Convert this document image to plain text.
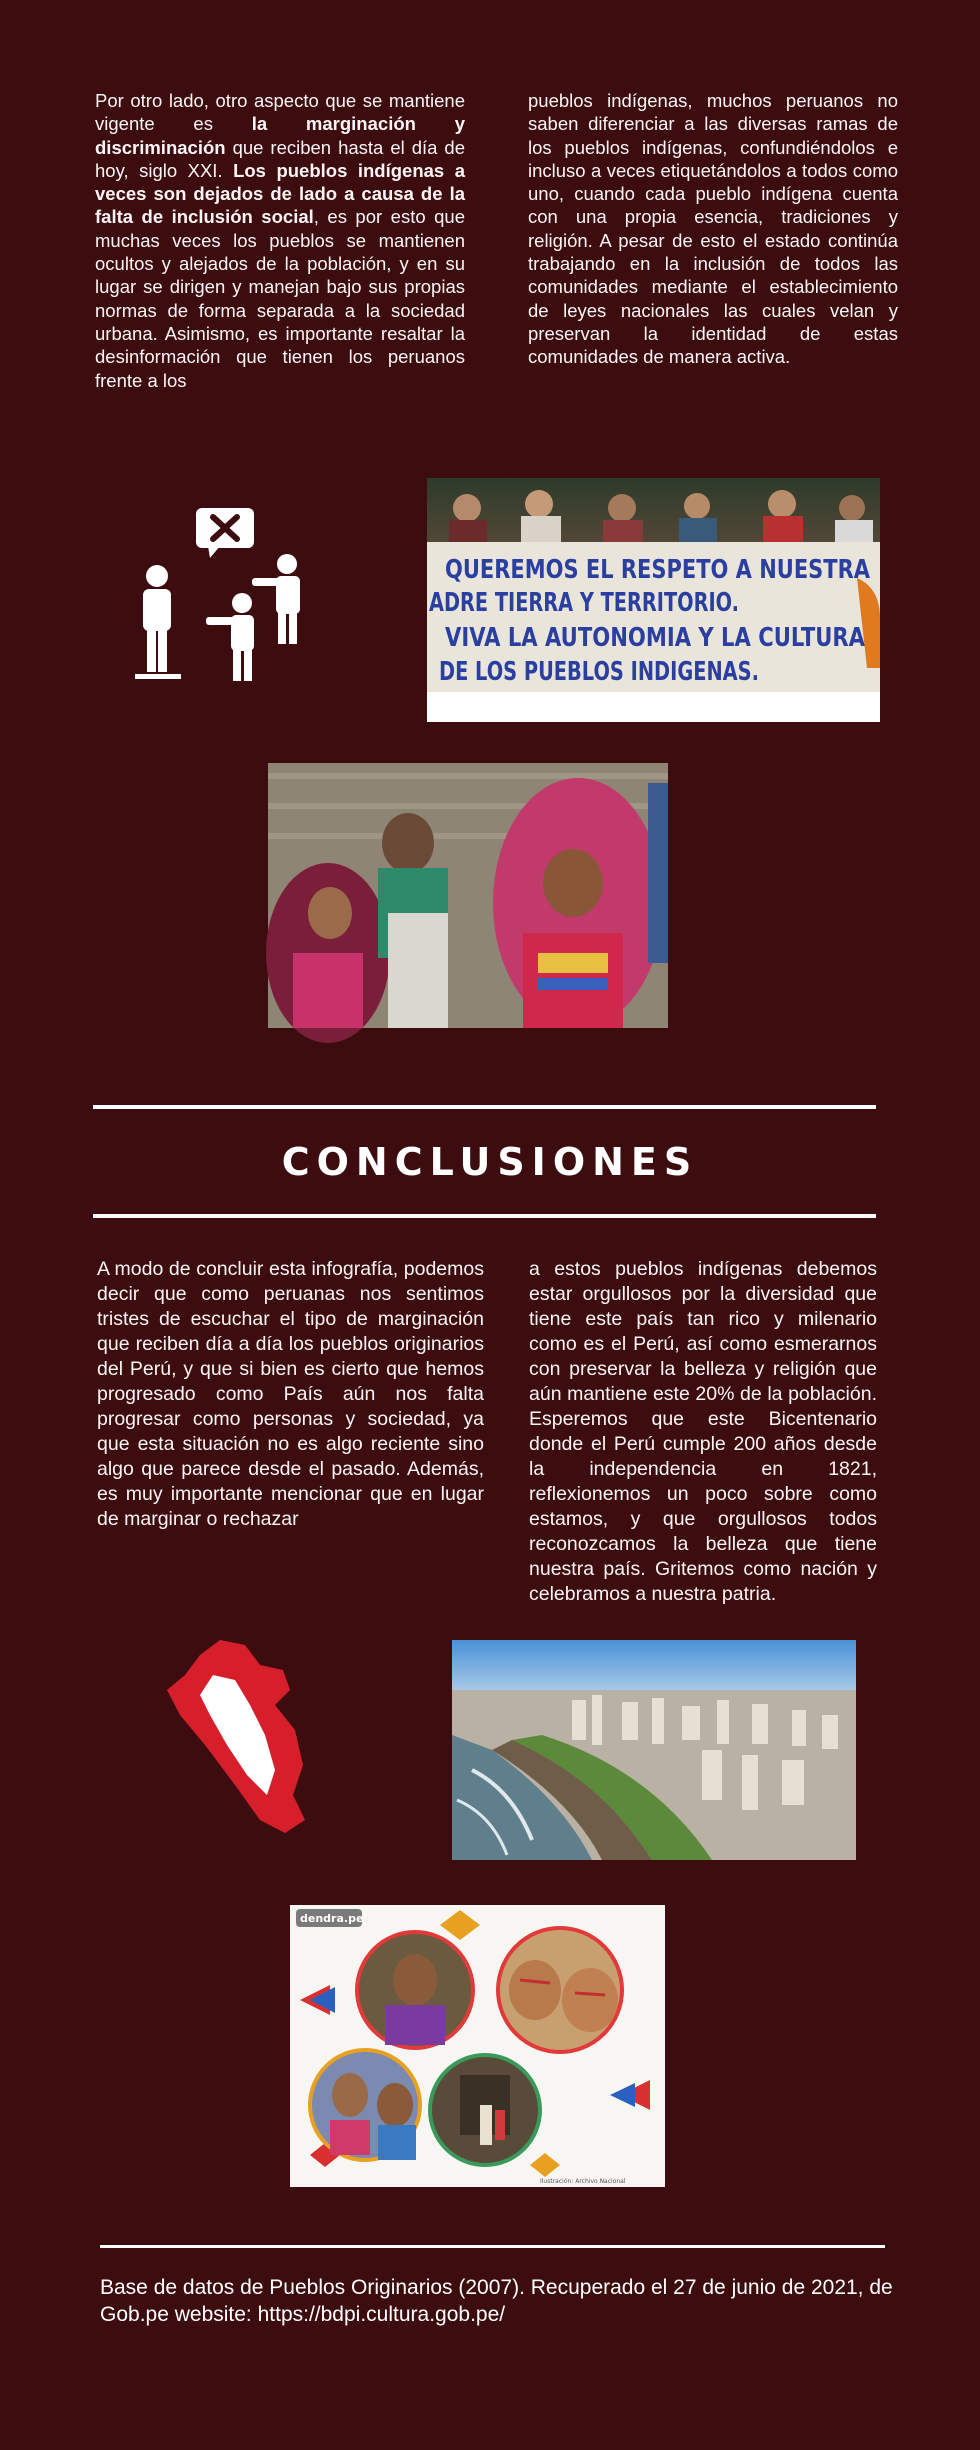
Por otro lado, otro aspecto que se mantiene vigente es la marginación y discriminación que reciben hasta el día de hoy, siglo XXI. Los pueblos indígenas a veces son dejados de lado a causa de la falta de inclusión social, es por esto que muchas veces los pueblos se mantienen ocultos y alejados de la población, y en su lugar se dirigen y manejan bajo sus propias normas de forma separada a la sociedad urbana. Asimismo, es importante resaltar la desinformación que tienen los peruanos frente a los
pueblos indígenas, muchos peruanos no saben diferenciar a las diversas ramas de los pueblos indígenas, confundiéndolos e incluso a veces etiquetándolos a todos como uno, cuando cada pueblo indígena cuenta con una propia esencia, tradiciones y religión. A pesar de esto el estado continúa trabajando en la inclusión de todos las comunidades mediante el establecimiento de leyes nacionales las cuales velan y preservan la identidad de estas comunidades de manera activa.
QUEREMOS EL RESPETO A NUESTRA
ADRE TIERRA Y TERRITORIO.
VIVA LA AUTONOMIA Y LA CULTURA
DE LOS PUEBLOS INDIGENAS.
CONCLUSIONES
A modo de concluir esta infografía, podemos decir que como peruanas nos sentimos tristes de escuchar el tipo de marginación que reciben día a día los pueblos originarios del Perú, y que si bien es cierto que hemos progresado como País aún nos falta progresar como personas y sociedad, ya que esta situación no es algo reciente sino algo que parece desde el pasado. Además, es muy importante mencionar que en lugar de marginar o rechazar
a estos pueblos indígenas debemos estar orgullosos por la diversidad que tiene este país tan rico y milenario como es el Perú, así como esmerarnos con preservar la belleza y religión que aún mantiene este 20% de la población. Esperemos que este Bicentenario donde el Perú cumple 200 años desde la independencia en 1821, reflexionemos un poco sobre como estamos, y que orgullosos todos reconozcamos la belleza que tiene nuestra país. Gritemos como nación y celebramos a nuestra patria.
dendra.pe
Ilustración: Archivo Nacional
Base de datos de Pueblos Originarios (2007). Recuperado el 27 de junio de 2021, de Gob.pe website: https://bdpi.cultura.gob.pe/
